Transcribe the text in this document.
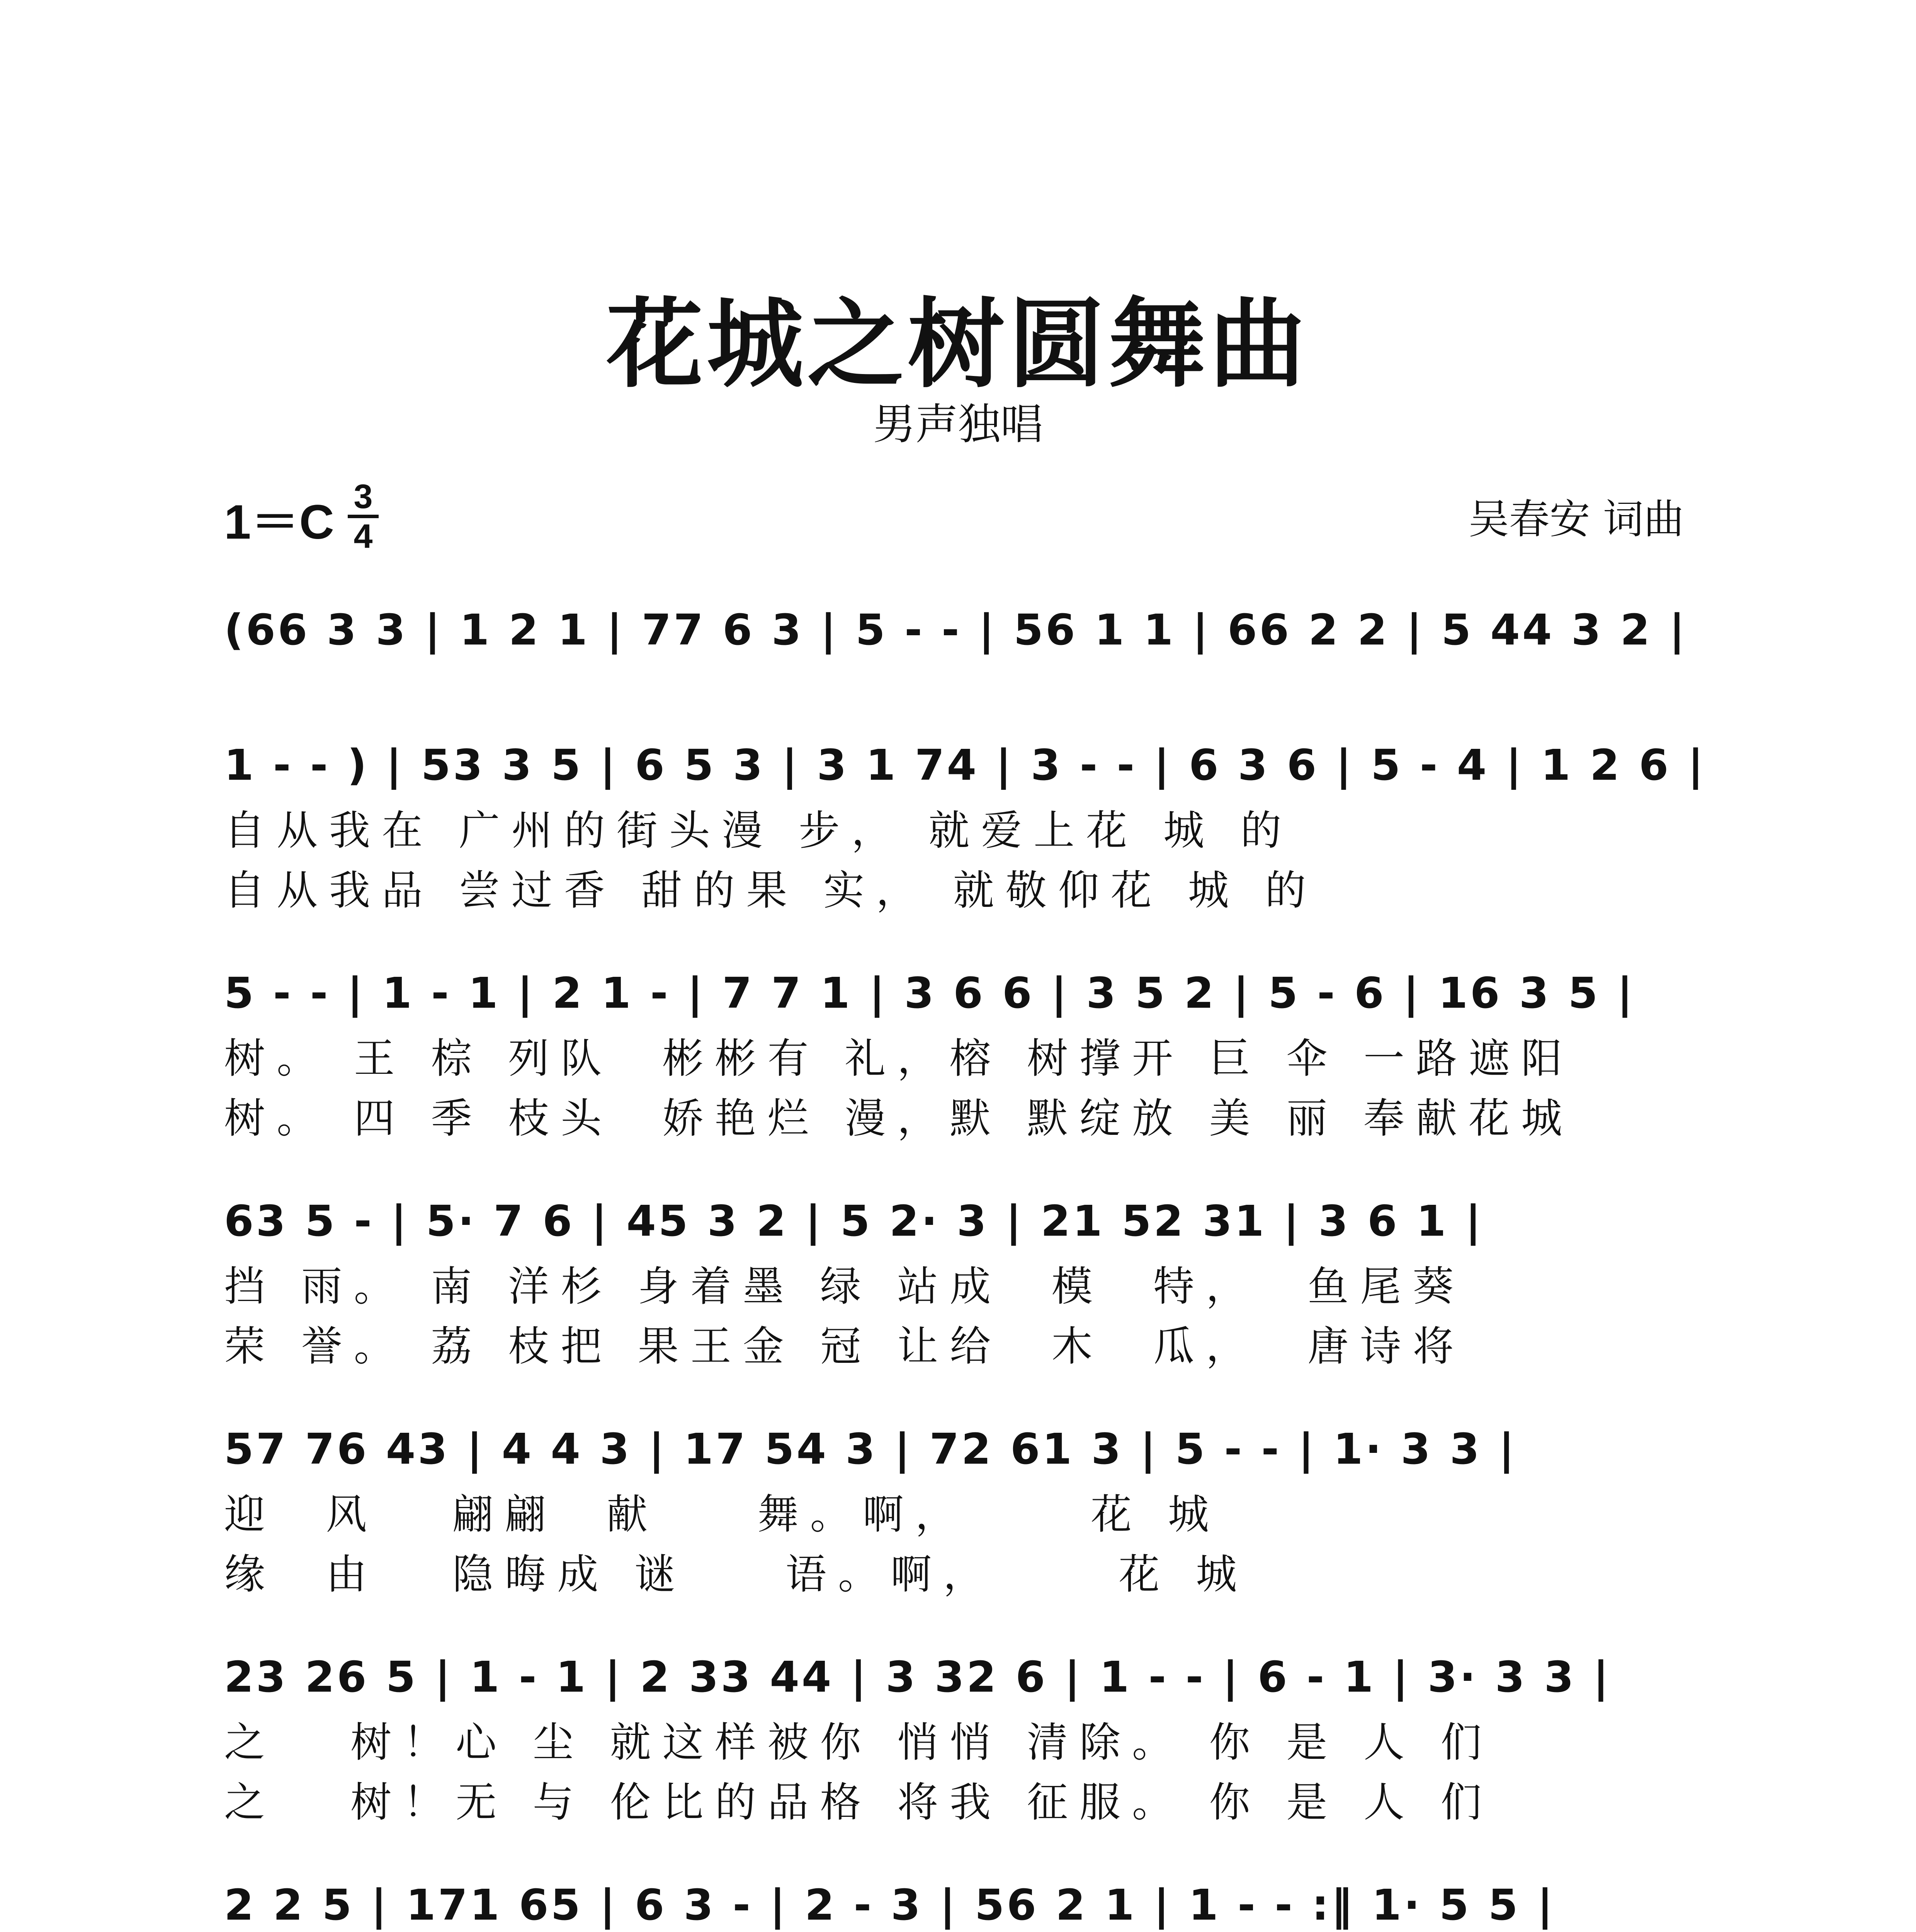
花城之树圆舞曲
男声独唱
1＝C 3
4	吴春安 词曲
(66 3 3 | 1 2 1 | 77 6 3 | 5 - - | 56 1 1 | 66 2 2 | 5 44 3 2 |
1 - - ) | 53 3 5 | 6 5 3 | 3 1 74 | 3 - - | 6 3 6 | 5 - 4 | 1 2 6 |
自从我在 广州的街头漫 步， 就爱上花 城 的
自从我品 尝过香 甜的果 实， 就敬仰花 城 的
5 - - | 1 - 1 | 2 1 - | 7 7 1 | 3 6 6 | 3 5 2 | 5 - 6 | 16 3 5 |
树。 王 棕 列队  彬彬有 礼，榕 树撑开 巨 伞 一路遮阳
树。 四 季 枝头  娇艳烂 漫，默 默绽放 美 丽 奉献花城
63 5 - | 5· 7 6 | 45 3 2 | 5 2· 3 | 21 52 31 | 3 6 1 |
挡 雨。 南 洋杉 身着墨 绿 站成  模  特，  鱼尾葵
荣 誉。 荔 枝把 果王金 冠 让给  木  瓜，  唐诗将
57 76 43 | 4 4 3 | 17 54 3 | 72 61 3 | 5 - - | 1· 3 3 |
迎  风   翩翩  献    舞。啊，     花 城
缘  由   隐晦成 谜    语。啊，     花 城
23 26 5 | 1 - 1 | 2 33 44 | 3 32 6 | 1 - - | 6 - 1 | 3· 3 3 |
之   树！心 尘 就这样被你 悄悄 清除。 你 是 人 们
之   树！无 与 伦比的品格 将我 征服。 你 是 人 们
2 2 5 | 171 65 | 6 3 - | 2 - 3 | 56 2 1 | 1 - - :‖ 1· 5 5 |
